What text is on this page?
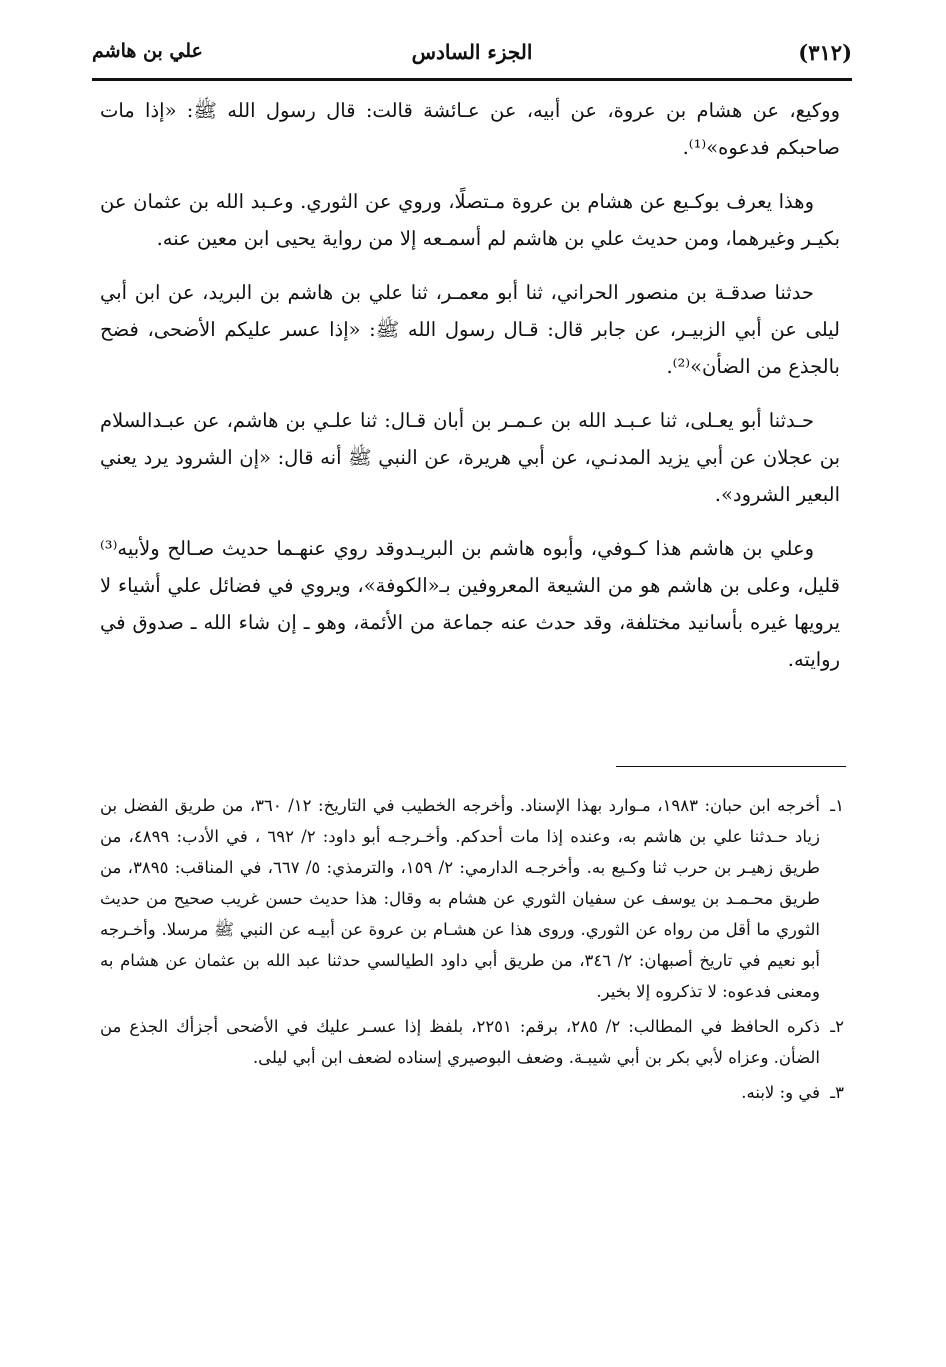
(٣١٢)
الجزء السادس
علي بن هاشم

ووكيع، عن هشام بن عروة، عن أبيه، عن عـائشة قالت: قال رسول الله ﷺ: «إذا مات صاحبكم فدعوه»⁽¹⁾.

وهذا يعرف بوكـيع عن هشام بن عروة مـتصلًا، وروي عن الثوري. وعـبد الله بن عثمان عن بكيـر وغيرهما، ومن حديث علي بن هاشم لم أسمـعه إلا من رواية يحيى ابن معين عنه.

حدثنا صدقـة بن منصور الحراني، ثنا أبو معمـر، ثنا علي بن هاشم بن البريد، عن ابن أبي ليلى عن أبي الزبيـر، عن جابر قال: قـال رسول الله ﷺ: «إذا عسر عليكم الأضحى، فضح بالجذع من الضأن»⁽²⁾.

حـدثنا أبو يعـلى، ثنا عـبـد الله بن عـمـر بن أبان قـال: ثنا علـي بن هاشم، عن عبـدالسلام بن عجلان عن أبي يزيد المدنـي، عن أبي هريرة، عن النبي ﷺ أنه قال: «إن الشرود يرد يعني البعير الشرود».

وعلي بن هاشم هذا كـوفي، وأبوه هاشم بن البريـدوقد روي عنهـما حديث صـالح ولأبيه⁽³⁾ قليل، وعلى بن هاشم هو من الشيعة المعروفين بـ«الكوفة»، ويروي في فضائل علي أشياء لا يرويها غيره بأسانيد مختلفة، وقد حدث عنه جماعة من الأئمة، وهو ـ إن شاء الله ـ صدوق في روايته.

١ـ
أخرجه ابن حبان: ١٩٨٣، مـوارد بهذا الإسناد. وأخرجه الخطيب في التاريخ: ١٢/ ٣٦٠، من طريق الفضل بن زياد حـدثنا علي بن هاشم به، وعنده إذا مات أحدكم. وأخـرجـه أبو داود: ٢/ ٦٩٢ ، في الأدب: ٤٨٩٩، من طريق زهيـر بن حرب ثنا وكـيع به. وأخرجـه الدارمي: ٢/ ١٥٩، والترمذي: ٥/ ٦٦٧، في المناقب: ٣٨٩٥، من طريق محـمـد بن يوسف عن سفيان الثوري عن هشام به وقال: هذا حديث حسن غريب صحيح من حديث الثوري ما أقل من رواه عن الثوري. وروى هذا عن هشـام بن عروة عن أبيـه عن النبي ﷺ مرسلا. وأخـرجه أبو نعيم في تاريخ أصبهان: ٢/ ٣٤٦، من طريق أبي داود الطيالسي حدثنا عبد الله بن عثمان عن هشام به ومعنى فدعوه: لا تذكروه إلا بخير.
٢ـ
ذكره الحافظ في المطالب: ٢/ ٢٨٥، برقم: ٢٢٥١، بلفظ إذا عسـر عليك في الأضحى أجزأك الجذع من الضأن. وعزاه لأبي بكر بن أبي شيبـة. وضعف البوصيري إسناده لضعف ابن أبي ليلى.
٣ـ
في و: لابنه.
